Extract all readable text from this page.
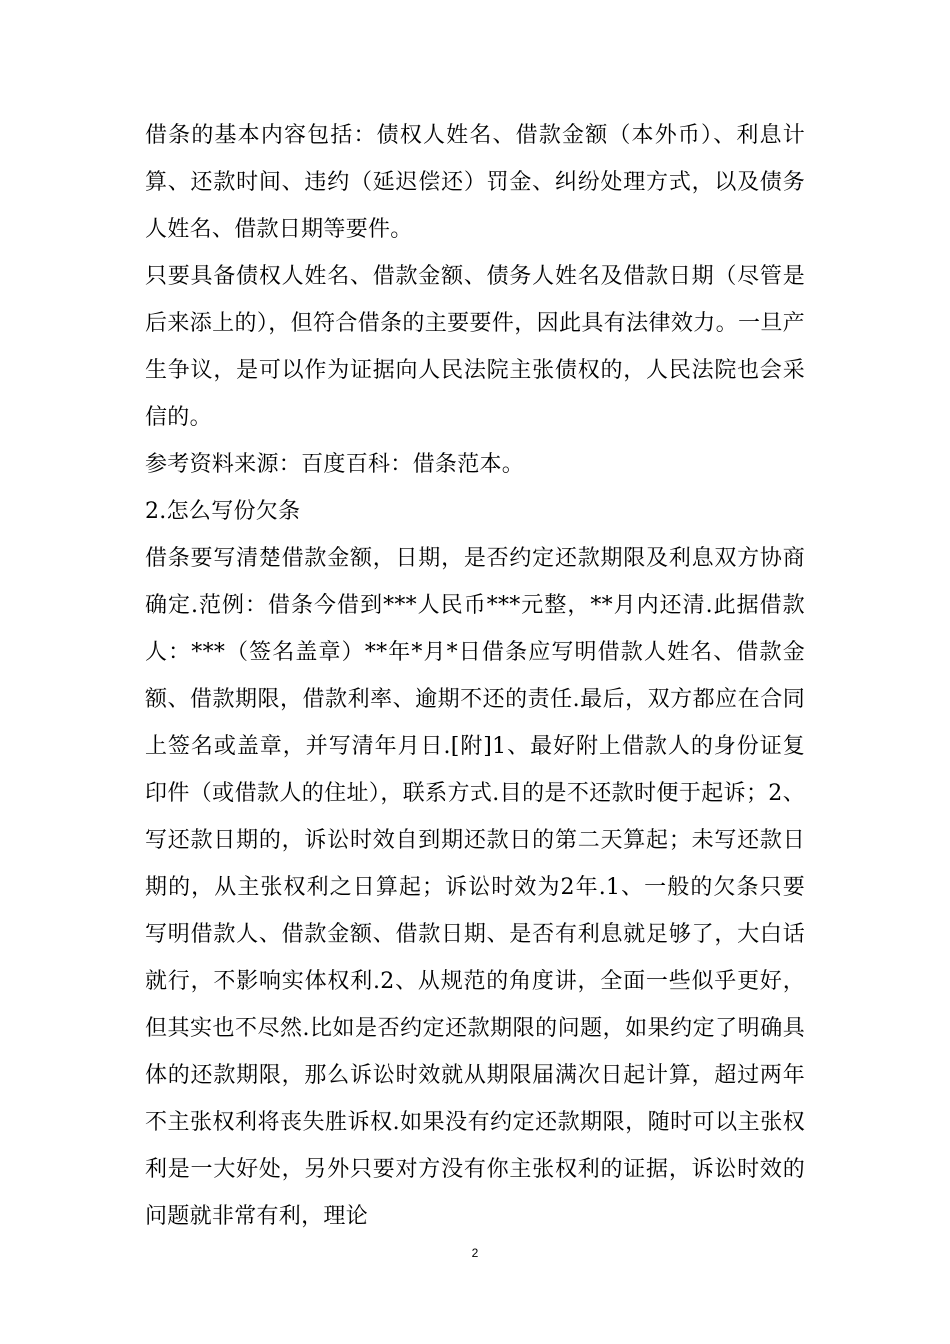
借条的基本内容包括：债权人姓名、借款金额（本外币）、利息计算、还款时间、违约（延迟偿还）罚金、纠纷处理方式，以及债务人姓名、借款日期等要件。

只要具备债权人姓名、借款金额、债务人姓名及借款日期（尽管是后来添上的），但符合借条的主要要件，因此具有法律效力。一旦产生争议，是可以作为证据向人民法院主张债权的，人民法院也会采信的。

参考资料来源：百度百科：借条范本。

2.怎么写份欠条

借条要写清楚借款金额，日期，是否约定还款期限及利息双方协商确定.范例：借条今借到***人民币***元整，**月内还清.此据借款人：***（签名盖章）**年*月*日借条应写明借款人姓名、借款金额、借款期限，借款利率、逾期不还的责任.最后，双方都应在合同上签名或盖章，并写清年月日.[附]1、最好附上借款人的身份证复印件（或借款人的住址），联系方式.目的是不还款时便于起诉；2、写还款日期的，诉讼时效自到期还款日的第二天算起；未写还款日期的，从主张权利之日算起；诉讼时效为2年.1、一般的欠条只要写明借款人、借款金额、借款日期、是否有利息就足够了，大白话就行，不影响实体权利.2、从规范的角度讲，全面一些似乎更好，但其实也不尽然.比如是否约定还款期限的问题，如果约定了明确具体的还款期限，那么诉讼时效就从期限届满次日起计算，超过两年不主张权利将丧失胜诉权.如果没有约定还款期限，随时可以主张权利是一大好处，另外只要对方没有你主张权利的证据，诉讼时效的问题就非常有利，理论

2
